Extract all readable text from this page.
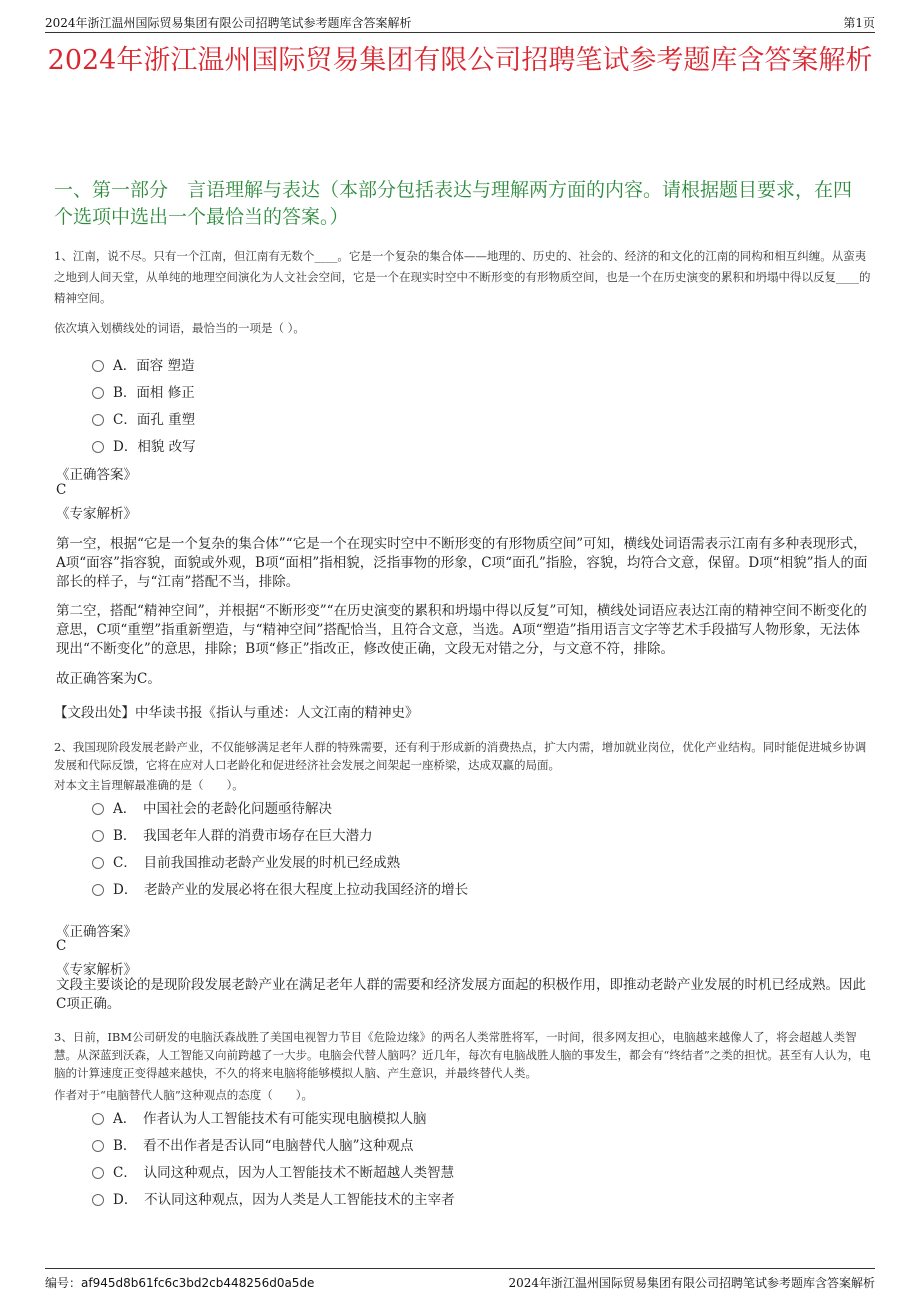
2024年浙江温州国际贸易集团有限公司招聘笔试参考题库含答案解析	第1页
2024年浙江温州国际贸易集团有限公司招聘笔试参考题库含答案解析
一、第一部分　言语理解与表达（本部分包括表达与理解两方面的内容。请根据题目要求，在四个选项中选出一个最恰当的答案。）
1、江南，说不尽。只有一个江南，但江南有无数个____。它是一个复杂的集合体——地理的、历史的、社会的、经济的和文化的江南的同构和相互纠缠。从蛮夷之地到人间天堂，从单纯的地理空间演化为人文社会空间，它是一个在现实时空中不断形变的有形物质空间，也是一个在历史演变的累积和坍塌中得以反复____的精神空间。
依次填入划横线处的词语，最恰当的一项是（ ）。
A．面容 塑造
B．面相 修正
C．面孔 重塑
D．相貌 改写
《正确答案》
C
《专家解析》
第一空，根据“它是一个复杂的集合体”“它是一个在现实时空中不断形变的有形物质空间”可知，横线处词语需表示江南有多种表现形式，A项“面容”指容貌，面貌或外观，B项“面相”指相貌，泛指事物的形象，C项“面孔”指脸，容貌，均符合文意，保留。D项“相貌”指人的面部长的样子，与“江南”搭配不当，排除。
第二空，搭配“精神空间”，并根据“不断形变”“在历史演变的累积和坍塌中得以反复”可知，横线处词语应表达江南的精神空间不断变化的意思，C项“重塑”指重新塑造，与“精神空间”搭配恰当，且符合文意，当选。A项“塑造”指用语言文字等艺术手段描写人物形象，无法体现出“不断变化”的意思，排除；B项“修正”指改正，修改使正确，文段无对错之分，与文意不符，排除。
故正确答案为C。
【文段出处】中华读书报《指认与重述：人文江南的精神史》
2、我国现阶段发展老龄产业，不仅能够满足老年人群的特殊需要，还有利于形成新的消费热点，扩大内需，增加就业岗位，优化产业结构。同时能促进城乡协调发展和代际反馈，它将在应对人口老龄化和促进经济社会发展之间架起一座桥梁，达成双赢的局面。
对本文主旨理解最准确的是（　　）。
A．　中国社会的老龄化问题亟待解决
B．　我国老年人群的消费市场存在巨大潜力
C．　目前我国推动老龄产业发展的时机已经成熟
D．　老龄产业的发展必将在很大程度上拉动我国经济的增长
《正确答案》
C
《专家解析》
文段主要谈论的是现阶段发展老龄产业在满足老年人群的需要和经济发展方面起的积极作用，即推动老龄产业发展的时机已经成熟。因此C项正确。
3、日前，IBM公司研发的电脑沃森战胜了美国电视智力节目《危险边缘》的两名人类常胜将军，一时间，很多网友担心，电脑越来越像人了，将会超越人类智慧。从深蓝到沃森，人工智能又向前跨越了一大步。电脑会代替人脑吗？近几年，每次有电脑战胜人脑的事发生，都会有“终结者”之类的担忧。甚至有人认为，电脑的计算速度正变得越来越快，不久的将来电脑将能够模拟人脑、产生意识，并最终替代人类。
作者对于“电脑替代人脑”这种观点的态度（　　）。
A．　作者认为人工智能技术有可能实现电脑模拟人脑
B．　看不出作者是否认同“电脑替代人脑”这种观点
C．　认同这种观点，因为人工智能技术不断超越人类智慧
D．　不认同这种观点，因为人类是人工智能技术的主宰者
编号：af945d8b61fc6c3bd2cb448256d0a5de	2024年浙江温州国际贸易集团有限公司招聘笔试参考题库含答案解析
